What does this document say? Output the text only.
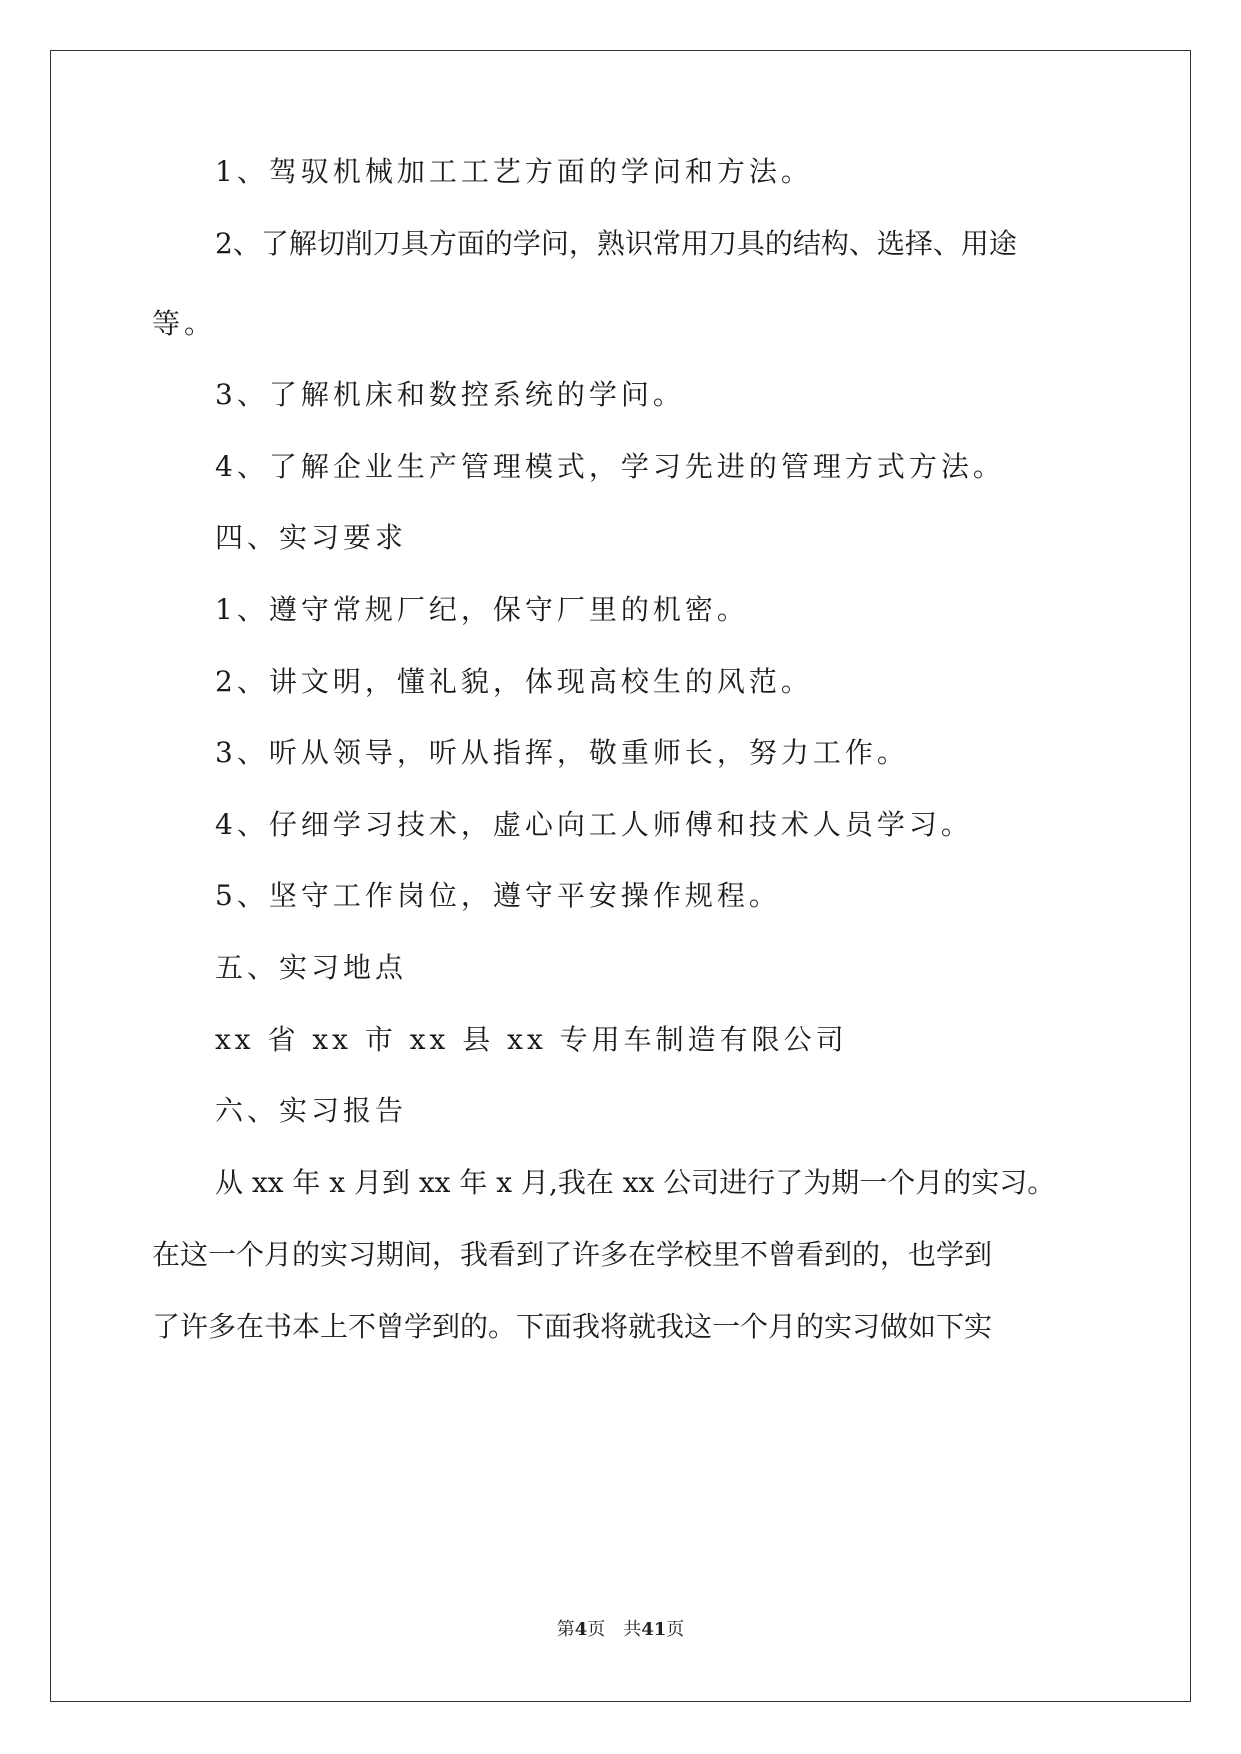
1、驾驭机械加工工艺方面的学问和方法。
2、了解切削刀具方面的学问，熟识常用刀具的结构、选择、用途
等。
3、了解机床和数控系统的学问。
4、了解企业生产管理模式，学习先进的管理方式方法。
四、实习要求
1、遵守常规厂纪，保守厂里的机密。
2、讲文明，懂礼貌，体现高校生的风范。
3、听从领导，听从指挥，敬重师长，努力工作。
4、仔细学习技术，虚心向工人师傅和技术人员学习。
5、坚守工作岗位，遵守平安操作规程。
五、实习地点
xx 省 xx 市 xx 县 xx 专用车制造有限公司
六、实习报告
从 xx 年 x 月到 xx 年 x 月,我在 xx 公司进行了为期一个月的实习。
在这一个月的实习期间，我看到了许多在学校里不曾看到的，也学到
了许多在书本上不曾学到的。下面我将就我这一个月的实习做如下实
第4页　共41页
